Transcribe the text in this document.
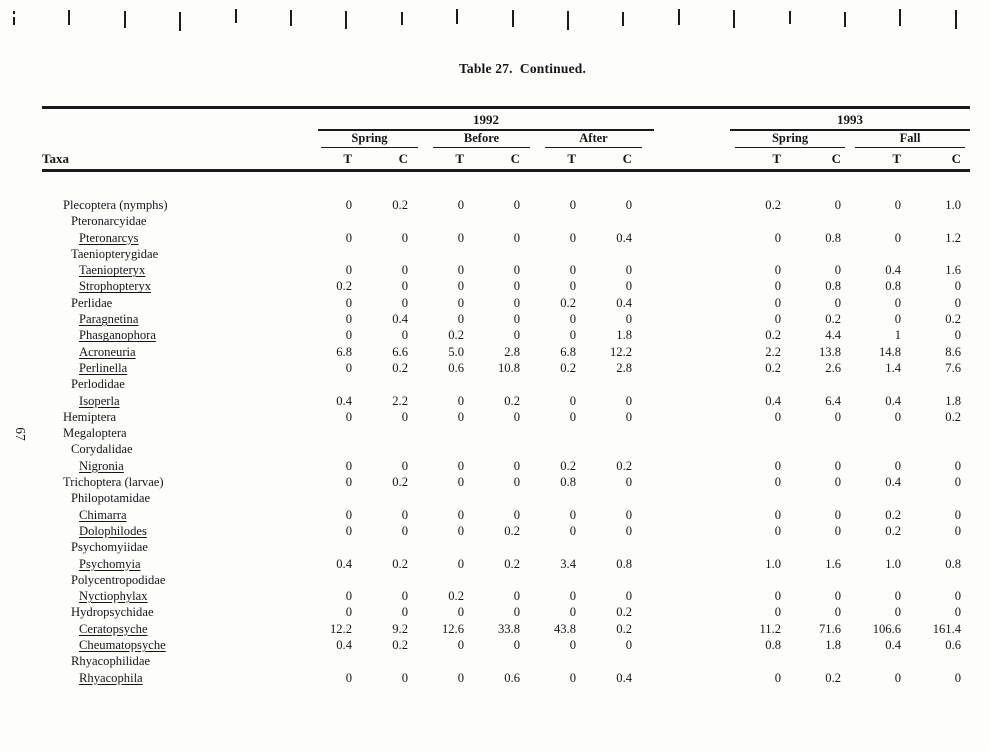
Table 27.  Continued.
67
	1992							1993			

	Spring		Before		After			Spring		Fall	

Taxa	T	C	T	C	T	C		T	C	T	C

Plecoptera (nymphs)	0	0.2	0	0	0	0		0.2	0	0	1.0
Pteronarcyidae											
Pteronarcys	0	0	0	0	0	0.4		0	0.8	0	1.2
Taeniopterygidae											
Taeniopteryx	0	0	0	0	0	0		0	0	0.4	1.6
Strophopteryx	0.2	0	0	0	0	0		0	0.8	0.8	0
Perlidae	0	0	0	0	0.2	0.4		0	0	0	0
Paragnetina	0	0.4	0	0	0	0		0	0.2	0	0.2
Phasganophora	0	0	0.2	0	0	1.8		0.2	4.4	1	0
Acroneuria	6.8	6.6	5.0	2.8	6.8	12.2		2.2	13.8	14.8	8.6
Perlinella	0	0.2	0.6	10.8	0.2	2.8		0.2	2.6	1.4	7.6
Perlodidae											
Isoperla	0.4	2.2	0	0.2	0	0		0.4	6.4	0.4	1.8
Hemiptera	0	0	0	0	0	0		0	0	0	0.2
Megaloptera											
Corydalidae											
Nigronia	0	0	0	0	0.2	0.2		0	0	0	0
Trichoptera (larvae)	0	0.2	0	0	0.8	0		0	0	0.4	0
Philopotamidae											
Chimarra	0	0	0	0	0	0		0	0	0.2	0
Dolophilodes	0	0	0	0.2	0	0		0	0	0.2	0
Psychomyiidae											
Psychomyia	0.4	0.2	0	0.2	3.4	0.8		1.0	1.6	1.0	0.8
Polycentropodidae											
Nyctiophylax	0	0	0.2	0	0	0		0	0	0	0
Hydropsychidae	0	0	0	0	0	0.2		0	0	0	0
Ceratopsyche	12.2	9.2	12.6	33.8	43.8	0.2		11.2	71.6	106.6	161.4
Cheumatopsyche	0.4	0.2	0	0	0	0		0.8	1.8	0.4	0.6
Rhyacophilidae											
Rhyacophila	0	0	0	0.6	0	0.4		0	0.2	0	0
